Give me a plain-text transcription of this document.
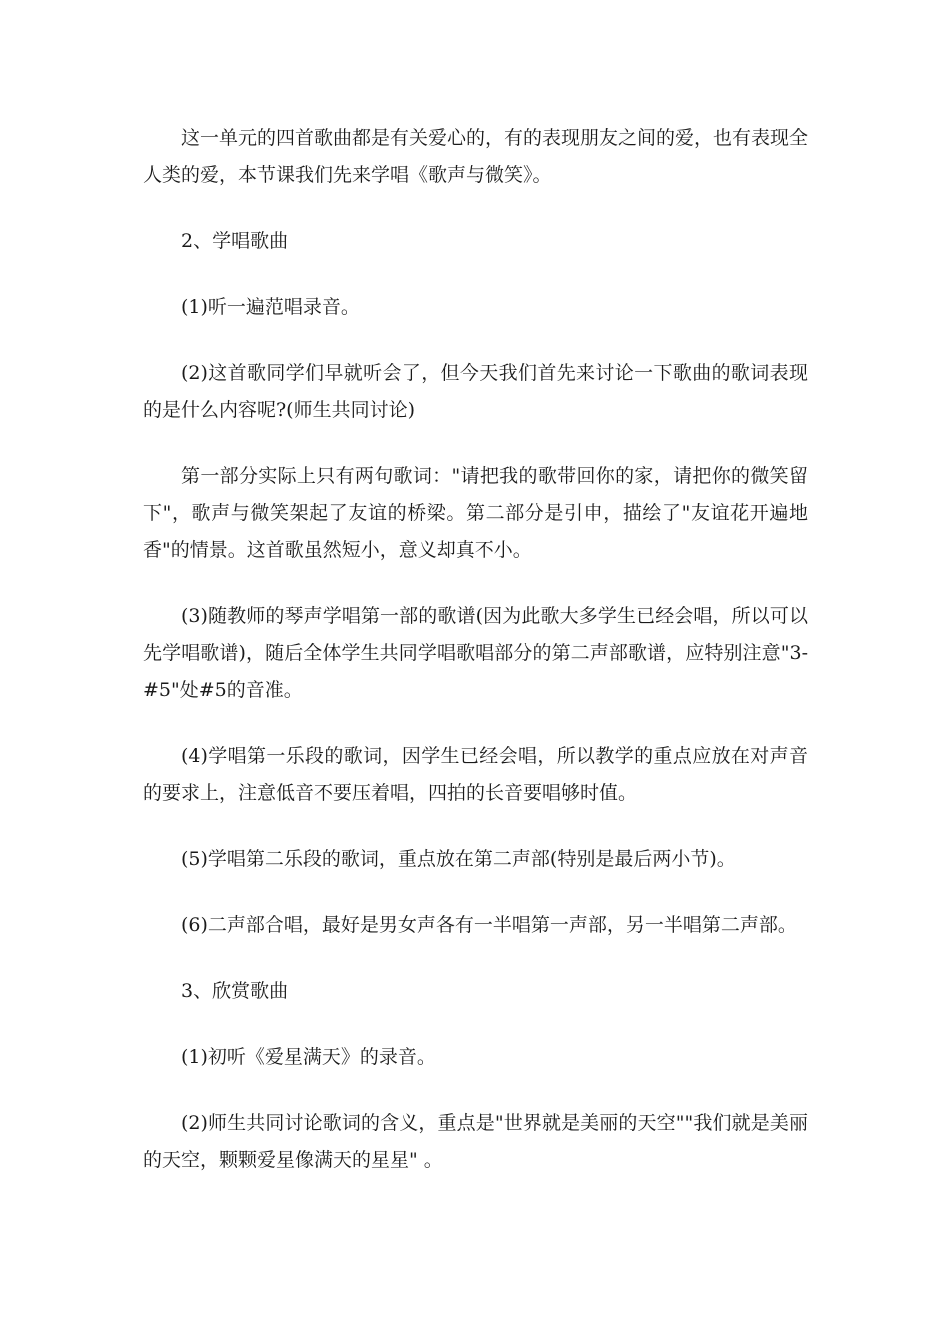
这一单元的四首歌曲都是有关爱心的，有的表现朋友之间的爱，也有表现全人类的爱，本节课我们先来学唱《歌声与微笑》。

2、学唱歌曲

(1)听一遍范唱录音。

(2)这首歌同学们早就听会了，但今天我们首先来讨论一下歌曲的歌词表现的是什么内容呢?(师生共同讨论)

第一部分实际上只有两句歌词："请把我的歌带回你的家，请把你的微笑留下"，歌声与微笑架起了友谊的桥梁。第二部分是引申，描绘了"友谊花开遍地香"的情景。这首歌虽然短小，意义却真不小。

(3)随教师的琴声学唱第一部的歌谱(因为此歌大多学生已经会唱，所以可以先学唱歌谱)，随后全体学生共同学唱歌唱部分的第二声部歌谱，应特别注意"3-#5"处#5的音准。

(4)学唱第一乐段的歌词，因学生已经会唱，所以教学的重点应放在对声音的要求上，注意低音不要压着唱，四拍的长音要唱够时值。

(5)学唱第二乐段的歌词，重点放在第二声部(特别是最后两小节)。

(6)二声部合唱，最好是男女声各有一半唱第一声部，另一半唱第二声部。

3、欣赏歌曲

(1)初听《爱星满天》的录音。

(2)师生共同讨论歌词的含义，重点是"世界就是美丽的天空""我们就是美丽的天空，颗颗爱星像满天的星星" 。
